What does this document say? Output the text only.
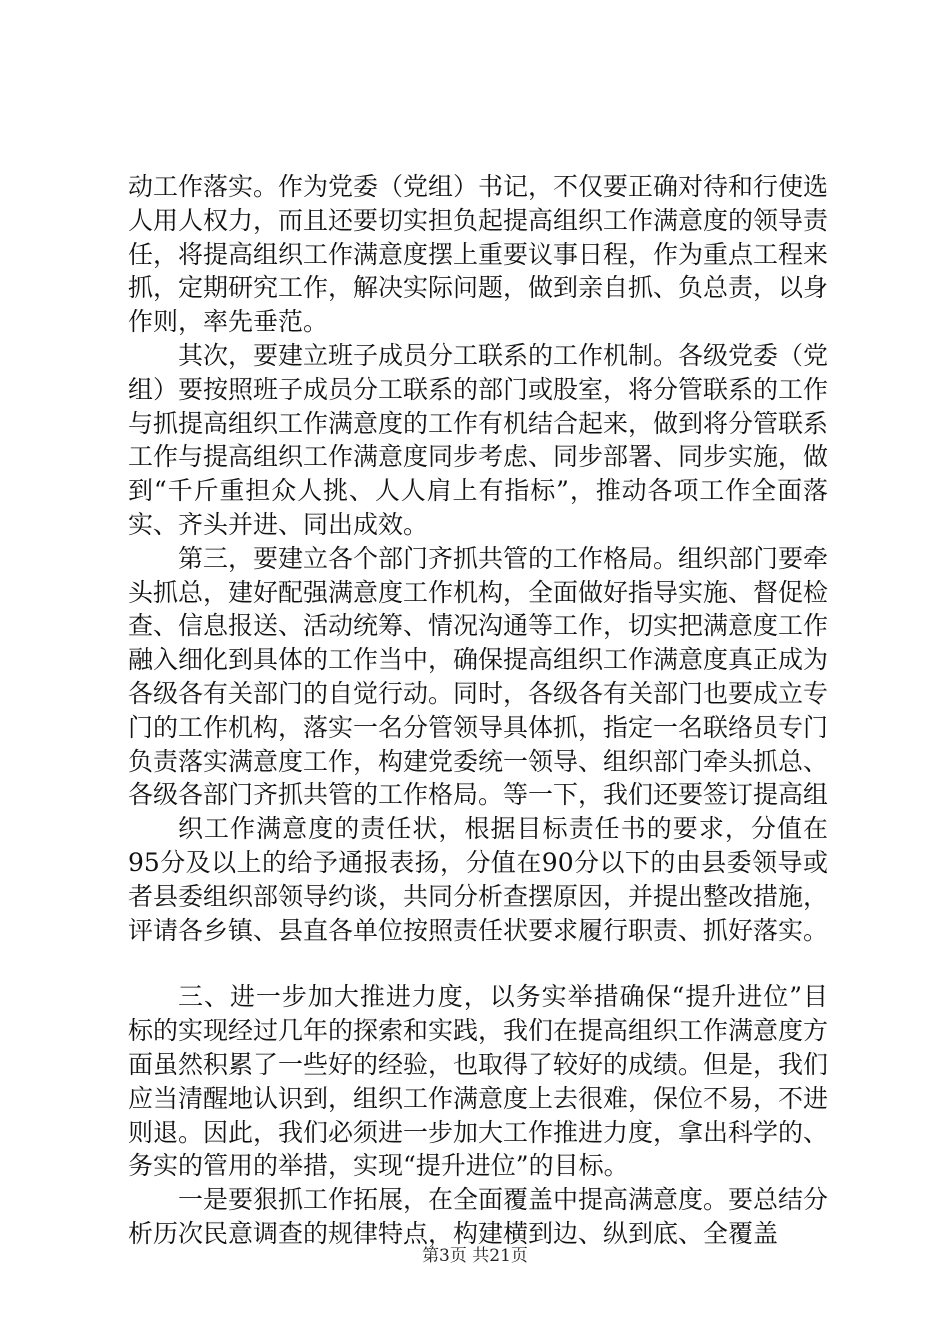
动工作落实。作为党委（党组）书记，不仅要正确对待和行使选人用人权力，而且还要切实担负起提高组织工作满意度的领导责任，将提高组织工作满意度摆上重要议事日程，作为重点工程来抓，定期研究工作，解决实际问题，做到亲自抓、负总责，以身作则，率先垂范。

其次，要建立班子成员分工联系的工作机制。各级党委（党组）要按照班子成员分工联系的部门或股室，将分管联系的工作与抓提高组织工作满意度的工作有机结合起来，做到将分管联系工作与提高组织工作满意度同步考虑、同步部署、同步实施，做到“千斤重担众人挑、人人肩上有指标”，推动各项工作全面落实、齐头并进、同出成效。

第三，要建立各个部门齐抓共管的工作格局。组织部门要牵头抓总，建好配强满意度工作机构，全面做好指导实施、督促检查、信息报送、活动统筹、情况沟通等工作，切实把满意度工作融入细化到具体的工作当中，确保提高组织工作满意度真正成为各级各有关部门的自觉行动。同时，各级各有关部门也要成立专门的工作机构，落实一名分管领导具体抓，指定一名联络员专门负责落实满意度工作，构建党委统一领导、组织部门牵头抓总、各级各部门齐抓共管的工作格局。等一下，我们还要签订提高组

织工作满意度的责任状，根据目标责任书的要求，分值在95分及以上的给予通报表扬，分值在90分以下的由县委领导或者县委组织部领导约谈，共同分析查摆原因，并提出整改措施，评请各乡镇、县直各单位按照责任状要求履行职责、抓好落实。

三、进一步加大推进力度，以务实举措确保“提升进位”目标的实现经过几年的探索和实践，我们在提高组织工作满意度方面虽然积累了一些好的经验，也取得了较好的成绩。但是，我们应当清醒地认识到，组织工作满意度上去很难，保位不易，不进则退。因此，我们必须进一步加大工作推进力度，拿出科学的、务实的管用的举措，实现“提升进位”的目标。

一是要狠抓工作拓展，在全面覆盖中提高满意度。要总结分析历次民意调查的规律特点，构建横到边、纵到底、全覆盖

第3页 共21页
